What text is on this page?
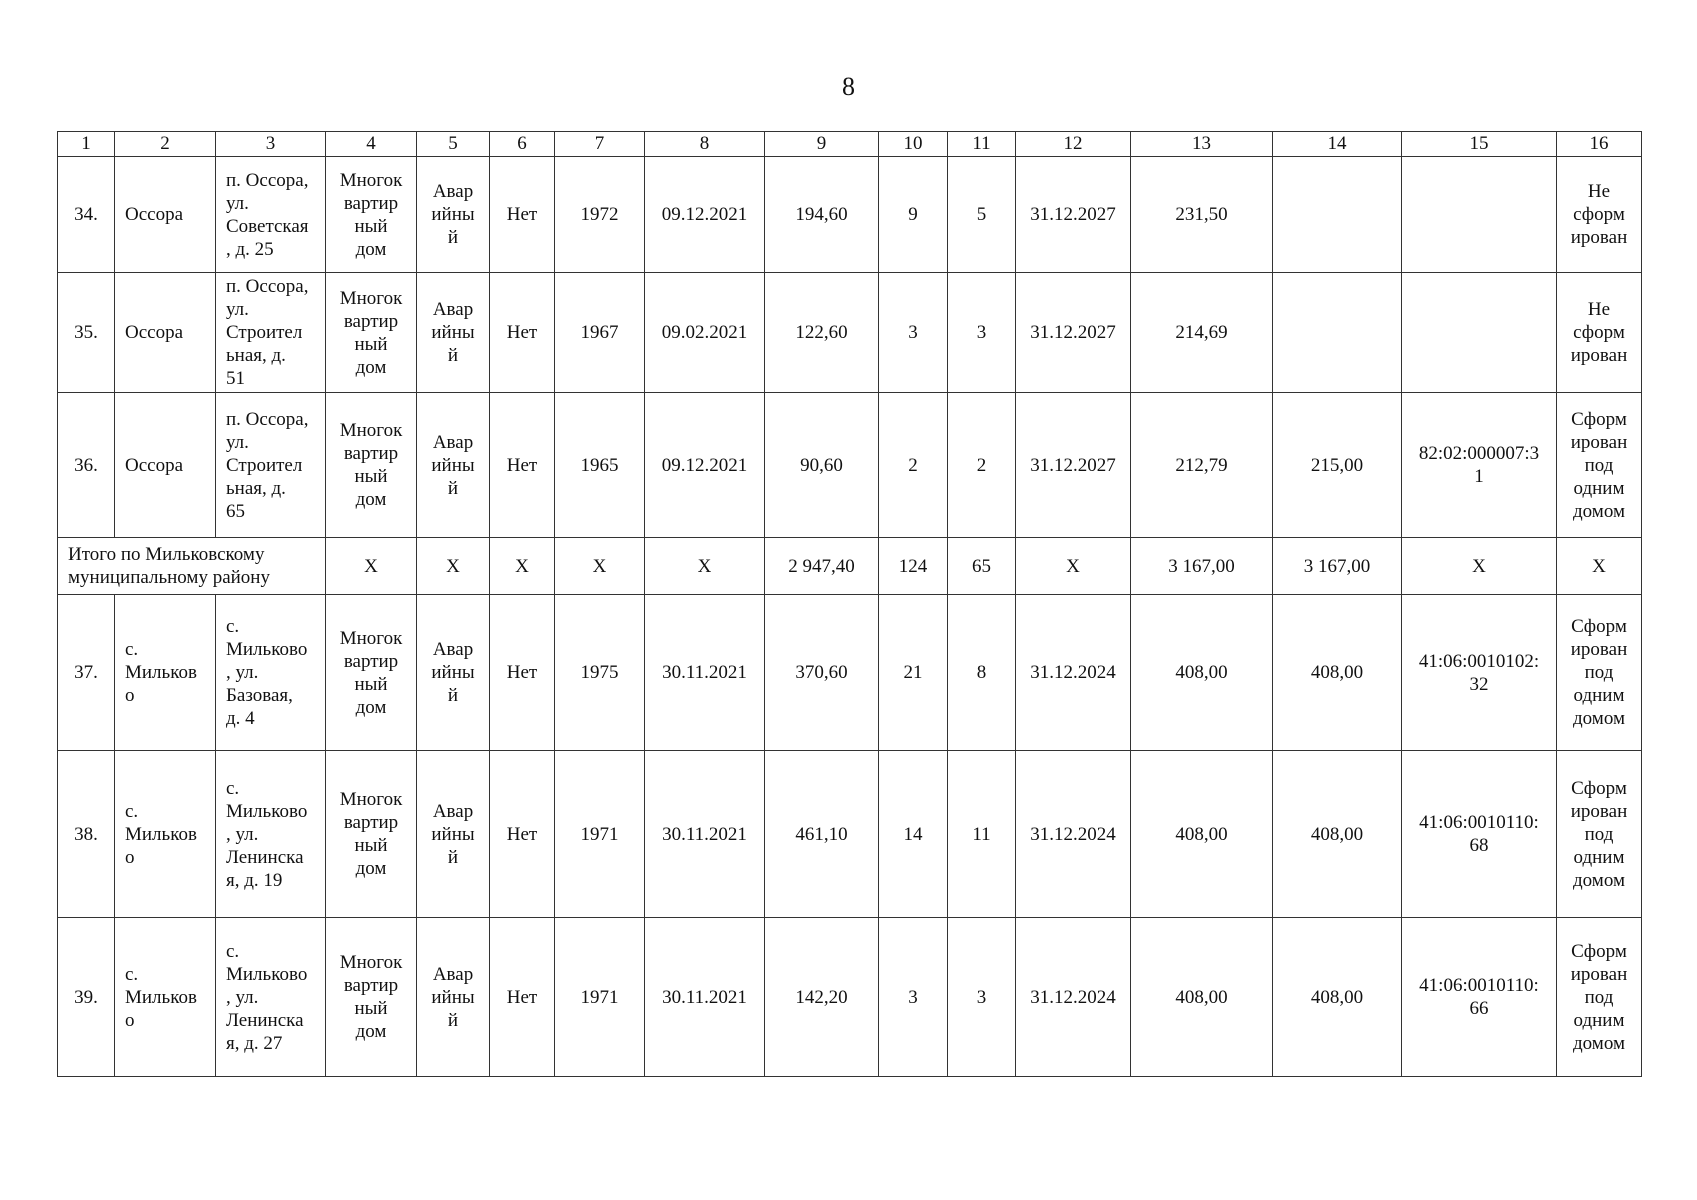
8
1	2	3	4	5	6	7	8	9	10	11	12	13	14	15	16
34.	Оссора	п. Оссора,
ул.
Советская
, д. 25	Многок
вартир
ный
дом	Авар
ийны
й	Нет	1972	09.12.2021	194,60	9	5	31.12.2027	231,50			Не
сформ
ирован
35.	Оссора	п. Оссора,
ул.
Строител
ьная, д.
51	Многок
вартир
ный
дом	Авар
ийны
й	Нет	1967	09.02.2021	122,60	3	3	31.12.2027	214,69			Не
сформ
ирован
36.	Оссора	п. Оссора,
ул.
Строител
ьная, д.
65	Многок
вартир
ный
дом	Авар
ийны
й	Нет	1965	09.12.2021	90,60	2	2	31.12.2027	212,79	215,00	82:02:000007:3
1	Сформ
ирован
под
одним
домом
Итого по Мильковскому
муниципальному району			Х	Х	Х	Х	Х	2 947,40	124	65	Х	3 167,00	3 167,00	Х	Х
37.	с.
Мильков
о	с.
Мильково
, ул.
Базовая,
д. 4	Многок
вартир
ный
дом	Авар
ийны
й	Нет	1975	30.11.2021	370,60	21	8	31.12.2024	408,00	408,00	41:06:0010102:
32	Сформ
ирован
под
одним
домом
38.	с.
Мильков
о	с.
Мильково
, ул.
Ленинска
я, д. 19	Многок
вартир
ный
дом	Авар
ийны
й	Нет	1971	30.11.2021	461,10	14	11	31.12.2024	408,00	408,00	41:06:0010110:
68	Сформ
ирован
под
одним
домом
39.	с.
Мильков
о	с.
Мильково
, ул.
Ленинска
я, д. 27	Многок
вартир
ный
дом	Авар
ийны
й	Нет	1971	30.11.2021	142,20	3	3	31.12.2024	408,00	408,00	41:06:0010110:
66	Сформ
ирован
под
одним
домом
